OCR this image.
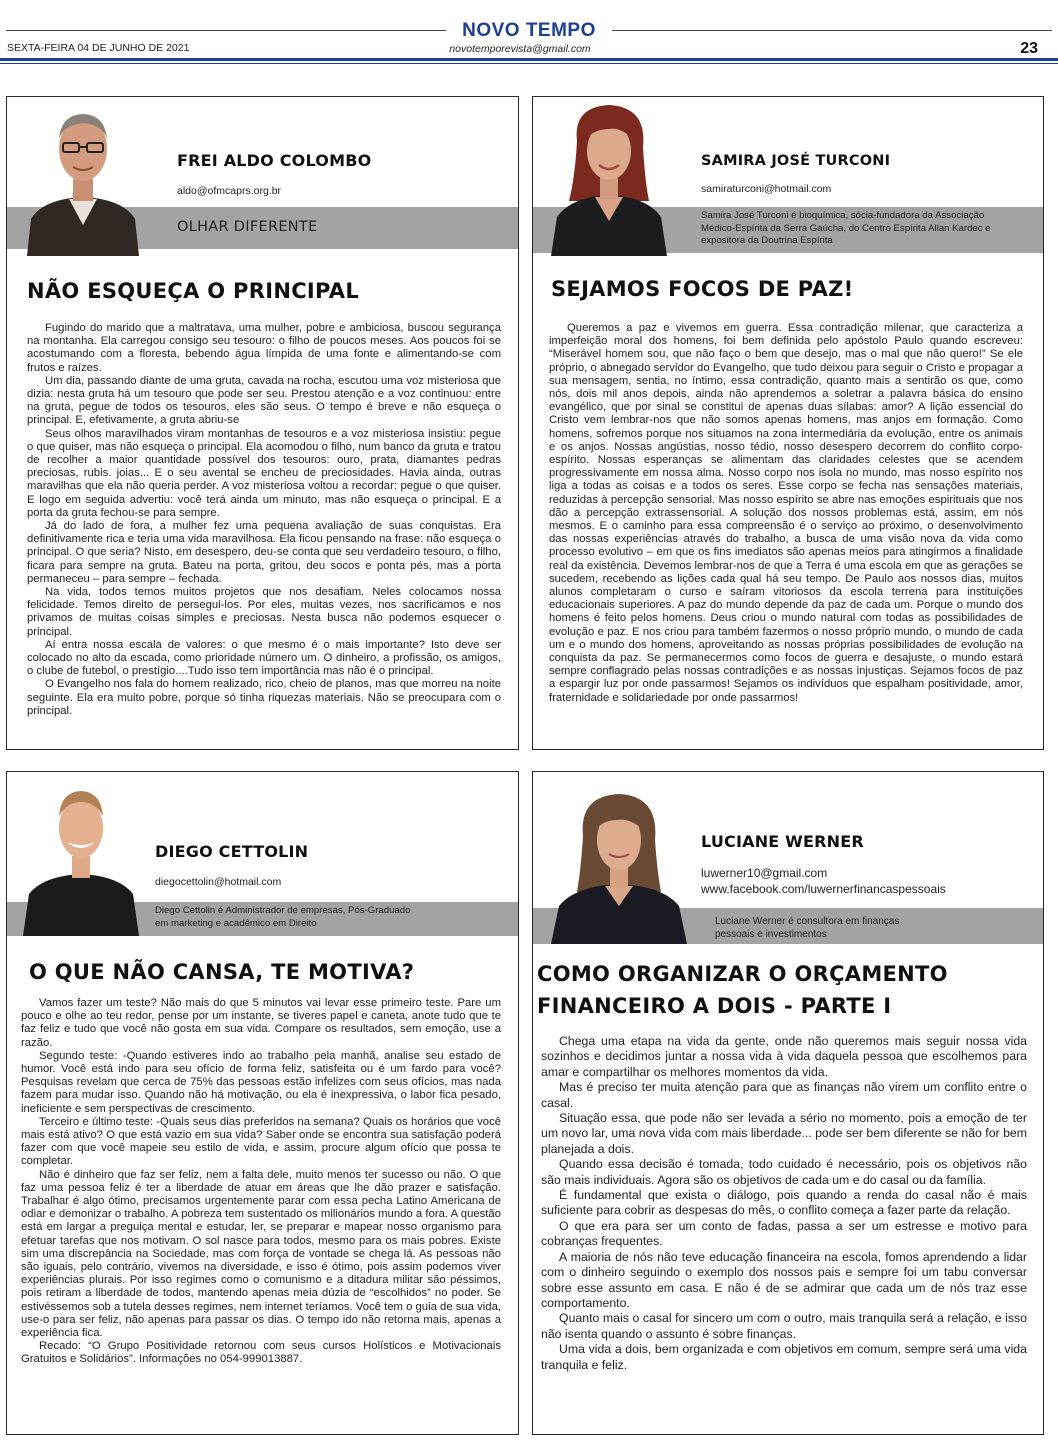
NOVO TEMPO
SEXTA-FEIRA 04 DE JUNHO DE 2021	novotemporevista@gmail.com	23
FREI ALDO COLOMBO
aldo@ofmcaprs.org.br
OLHAR DIFERENTE
NÃO ESQUEÇA O PRINCIPAL

Fugindo do marido que a maltratava, uma mulher, pobre e ambiciosa, buscou segurança na montanha. Ela carregou consigo seu tesouro: o filho de poucos meses. Aos poucos foi se acostumando com a floresta, bebendo água límpida de uma fonte e alimentando-se com frutos e raízes.

Um dia, passando diante de uma gruta, cavada na rocha, escutou uma voz misteriosa que dizia: nesta gruta há um tesouro que pode ser seu. Prestou atenção e a voz continuou: entre na gruta, pegue de todos os tesouros, eles são seus. O tempo é breve e não esqueça o principal. E, efetivamente, a gruta abriu-se

Seus olhos maravilhados viram montanhas de tesouros e a voz misteriosa insistiu: pegue o que quiser, mas não esqueça o principal. Ela acomodou o filho, num banco da gruta e tratou de recolher a maior quantidade possível dos tesouros: ouro, prata, diamantes pedras preciosas, rubis. joias... E o seu avental se encheu de preciosidades. Havia ainda, outras maravilhas que ela não queria perder. A voz misteriosa voltou a recordar: pegue o que quiser. E logo em seguida advertiu: você terá ainda um minuto, mas não esqueça o principal. E a porta da gruta fechou-se para sempre.

Já do lado de fora, a mulher fez uma pequena avaliação de suas conquistas. Era definitivamente rica e teria uma vida maravilhosa. Ela ficou pensando na frase: não esqueça o principal. O que seria? Nisto, em desespero, deu-se conta que seu verdadeiro tesouro, o filho, ficara para sempre na gruta. Bateu na porta, gritou, deu socos e ponta pés, mas a porta permaneceu – para sempre – fechada.

Na vida, todos temos muitos projetos que nos desafiam. Neles colocamos nossa felicidade. Temos direito de persegui-los. Por eles, muitas vezes, nos sacrificamos e nos privamos de muitas coisas simples e preciosas. Nesta busca não podemos esquecer o principal.

Aí entra nossa escala de valores: o que mesmo é o mais importante? Isto deve ser colocado no alto da escada, como prioridade número um. O dinheiro, a profissão, os amigos, o clube de futebol, o prestígio....Tudo isso tem importância mas não é o principal.

O Evangelho nos fala do homem realizado, rico, cheio de planos, mas que morreu na noite seguinte. Ela era muito pobre, porque só tinha riquezas materiais. Não se preocupara com o principal.

SAMIRA JOSÉ TURCONI
samiraturconi@hotmail.com
Samira José Turconi é bioquímica, sócia-fundadora da Associação Médico-Espírita da Serra Gaúcha, do Centro Espírita Allan Kardec e expositora da Doutrina Espírita
SEJAMOS FOCOS DE PAZ!

Queremos a paz e vivemos em guerra. Essa contradição milenar, que caracteriza a imperfeição moral dos homens, foi bem definida pelo apóstolo Paulo quando escreveu: “Miserável homem sou, que não faço o bem que desejo, mas o mal que não quero!” Se ele próprio, o abnegado servidor do Evangelho, que tudo deixou para seguir o Cristo e propagar a sua mensagem, sentia, no íntimo, essa contradição, quanto mais a sentirão os que, como nós, dois mil anos depois, ainda não aprendemos a soletrar a palavra básica do ensino evangélico, que por sinal se constitui de apenas duas sílabas: amor? A lição essencial do Cristo vem lembrar-nos que não somos apenas homens, mas anjos em formação. Como homens, sofremos porque nos situamos na zona intermediária da evolução, entre os animais e os anjos. Nossas angústias, nosso tédio, nosso desespero decorrem do conflito corpo-espírito. Nossas esperanças se alimentam das claridades celestes que se acendem progressivamente em nossa alma. Nosso corpo nos isola no mundo, mas nosso espírito nos liga a todas as coisas e a todos os seres. Esse corpo se fecha nas sensações materiais, reduzidas à percepção sensorial. Mas nosso espírito se abre nas emoções espirituais que nos dão a percepção extrassensorial. A solução dos nossos problemas está, assim, em nós mesmos. E o caminho para essa compreensão é o serviço ao próximo, o desenvolvimento das nossas experiências através do trabalho, a busca de uma visão nova da vida como processo evolutivo – em que os fins imediatos são apenas meios para atingirmos a finalidade real da existência. Devemos lembrar-nos de que a Terra é uma escola em que as gerações se sucedem, recebendo as lições cada qual há seu tempo. De Paulo aos nossos dias, muitos alunos completaram o curso e saíram vitoriosos da escola terrena para instituições educacionais superiores. A paz do mundo depende da paz de cada um. Porque o mundo dos homens é feito pelos homens. Deus criou o mundo natural com todas as possibilidades de evolução e paz. E nos criou para também fazermos o nosso próprio mundo, o mundo de cada um e o mundo dos homens, aproveitando as nossas próprias possibilidades de evolução na conquista da paz. Se permanecermos como focos de guerra e desajuste, o mundo estará sempre conflagrado pelas nossas contradições e as nossas injustiças. Sejamos focos de paz a espargir luz por onde passarmos! Sejamos os indivíduos que espalham positividade, amor, fraternidade e solidariedade por onde passarmos!

DIEGO CETTOLIN
diegocettolin@hotmail.com
Diego Cettolin é Administrador de empresas, Pós-Graduado em marketing e acadêmico em Direito
O QUE NÃO CANSA, TE MOTIVA?

Vamos fazer um teste? Não mais do que 5 minutos vai levar esse primeiro teste. Pare um pouco e olhe ao teu redor, pense por um instante, se tiveres papel e caneta, anote tudo que te faz feliz e tudo que você não gosta em sua vida. Compare os resultados, sem emoção, use a razão.

Segundo teste: -Quando estiveres indo ao trabalho pela manhã, analise seu estado de humor. Você está indo para seu ofício de forma feliz, satisfeita ou é um fardo para você? Pesquisas revelam que cerca de 75% das pessoas estão infelizes com seus ofícios, mas nada fazem para mudar isso. Quando não há motivação, ou ela é inexpressiva, o labor fica pesado, ineficiente e sem perspectivas de crescimento.

Terceiro e último teste: -Quais seus dias preferidos na semana? Quais os horários que você mais está ativo? O que está vazio em sua vida? Saber onde se encontra sua satisfação poderá fazer com que você mapeie seu estilo de vida, e assim, procure algum ofício que possa te completar.

Não é dinheiro que faz ser feliz, nem a falta dele, muito menos ter sucesso ou não. O que faz uma pessoa feliz é ter a liberdade de atuar em áreas que lhe dão prazer e satisfação. Trabalhar é algo ótimo, precisamos urgentemente parar com essa pecha Latino Americana de odiar e demonizar o trabalho. A pobreza tem sustentado os milionários mundo a fora. A questão está em largar a preguiça mental e estudar, ler, se preparar e mapear nosso organismo para efetuar tarefas que nos motivam. O sol nasce para todos, mesmo para os mais pobres. Existe sim uma discrepância na Sociedade, mas com força de vontade se chega lá. As pessoas não são iguais, pelo contrário, vivemos na diversidade, e isso é ótimo, pois assim podemos viver experiências plurais. Por isso regimes como o comunismo e a ditadura militar são péssimos, pois retiram a liberdade de todos, mantendo apenas meia dúzia de “escolhidos” no poder. Se estivéssemos sob a tutela desses regimes, nem internet teríamos. Você tem o guia de sua vida, use-o para ser feliz, não apenas para passar os dias. O tempo ido não retorna mais, apenas a experiência fica.

Recado: “O Grupo Positividade retornou com seus cursos Holísticos e Motivacionais Gratuitos e Solidários”. Informações no 054-999013887.

LUCIANE WERNER
luwerner10@gmail.com
www.facebook.com/luwernerfinancaspessoais
Luciane Werner é consultora em finanças pessoais e investimentos
COMO ORGANIZAR O ORÇAMENTO
FINANCEIRO A DOIS - PARTE I

Chega uma etapa na vida da gente, onde não queremos mais seguir nossa vida sozinhos e decidimos juntar a nossa vida à vida daquela pessoa que escolhemos para amar e compartilhar os melhores momentos da vida.

Mas é preciso ter muita atenção para que as finanças não virem um conflito entre o casal.

Situação essa, que pode não ser levada a sério no momento, pois a emoção de ter um novo lar, uma nova vida com mais liberdade... pode ser bem diferente se não for bem planejada a dois.

Quando essa decisão é tomada, todo cuidado é necessário, pois os objetivos não são mais individuais. Agora são os objetivos de cada um e do casal ou da família.

É fundamental que exista o diálogo, pois quando a renda do casal não é mais suficiente para cobrir as despesas do mês, o conflito começa a fazer parte da relação.

O que era para ser um conto de fadas, passa a ser um estresse e motivo para cobranças frequentes.

A maioria de nós não teve educação financeira na escola, fomos aprendendo a lidar com o dinheiro seguindo o exemplo dos nossos pais e sempre foi um tabu conversar sobre esse assunto em casa. E não é de se admirar que cada um de nós traz esse comportamento.

Quanto mais o casal for sincero um com o outro, mais tranquila será a relação, e isso não isenta quando o assunto é sobre finanças.

Uma vida a dois, bem organizada e com objetivos em comum, sempre será uma vida tranquila e feliz.
